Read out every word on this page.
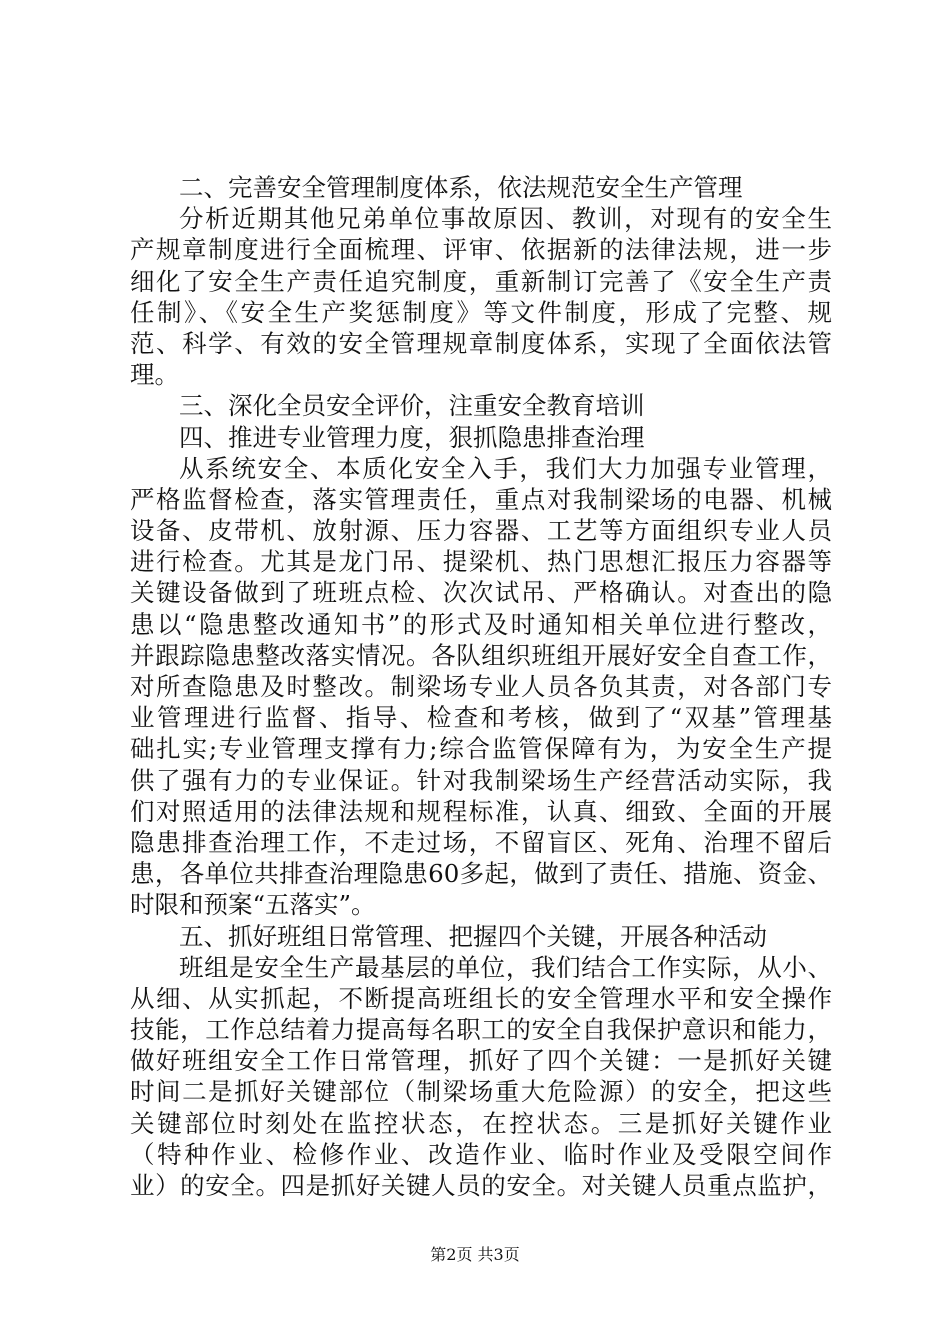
二、完善安全管理制度体系，依法规范安全生产管理
分析近期其他兄弟单位事故原因、教训，对现有的安全生
产规章制度进行全面梳理、评审、依据新的法律法规，进一步
细化了安全生产责任追究制度，重新制订完善了《安全生产责
任制》、《安全生产奖惩制度》等文件制度，形成了完整、规
范、科学、有效的安全管理规章制度体系，实现了全面依法管
理。
三、深化全员安全评价，注重安全教育培训
四、推进专业管理力度，狠抓隐患排查治理
从系统安全、本质化安全入手，我们大力加强专业管理，
严格监督检查，落实管理责任，重点对我制梁场的电器、机械
设备、皮带机、放射源、压力容器、工艺等方面组织专业人员
进行检查。尤其是龙门吊、提梁机、热门思想汇报压力容器等
关键设备做到了班班点检、次次试吊、严格确认。对查出的隐
患以“隐患整改通知书”的形式及时通知相关单位进行整改，
并跟踪隐患整改落实情况。各队组织班组开展好安全自查工作，
对所查隐患及时整改。制梁场专业人员各负其责，对各部门专
业管理进行监督、指导、检查和考核，做到了“双基”管理基
础扎实;专业管理支撑有力;综合监管保障有为，为安全生产提
供了强有力的专业保证。针对我制梁场生产经营活动实际，我
们对照适用的法律法规和规程标准，认真、细致、全面的开展
隐患排查治理工作，不走过场，不留盲区、死角、治理不留后
患，各单位共排查治理隐患60多起，做到了责任、措施、资金、
时限和预案“五落实”。
五、抓好班组日常管理、把握四个关键，开展各种活动
班组是安全生产最基层的单位，我们结合工作实际，从小、
从细、从实抓起，不断提高班组长的安全管理水平和安全操作
技能，工作总结着力提高每名职工的安全自我保护意识和能力，
做好班组安全工作日常管理，抓好了四个关键：一是抓好关键
时间二是抓好关键部位（制梁场重大危险源）的安全，把这些
关键部位时刻处在监控状态，在控状态。三是抓好关键作业
（特种作业、检修作业、改造作业、临时作业及受限空间作
业）的安全。四是抓好关键人员的安全。对关键人员重点监护，
第2页 共3页
